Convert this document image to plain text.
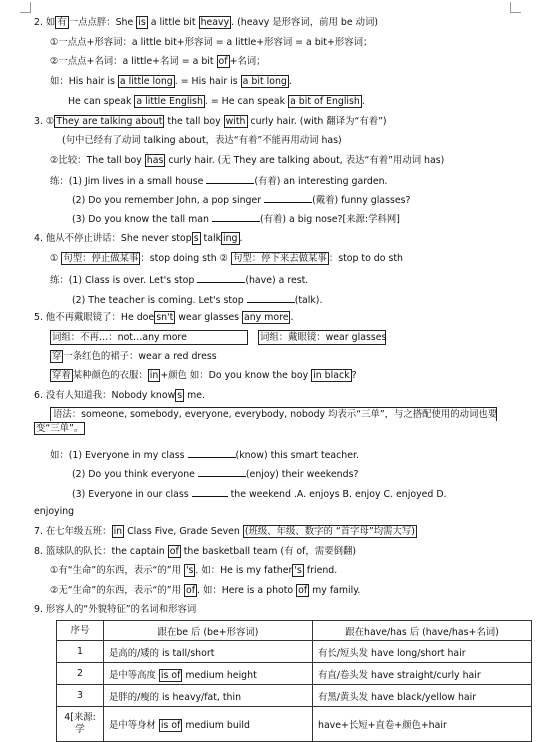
2. 如 有 一点点胖：She is a little bit heavy . (heavy 是形容词，前用 be 动词)
①一点点+形容词：a little bit+形容词 = a little+形容词 = a bit+形容词；
②一点点+名词：a little+名词 = a bit of +名词；
如：His hair is a little long . = His hair is a bit long .
He can speak a little English . = He can speak a bit of English .
3. ① They are talking about the tall boy with curly hair. (with 翻译为“有着”)
(句中已经有了动词 talking about，表达“有着”不能再用动词 has)
②比较：The tall boy has curly hair. (无 They are talking about, 表达“有着”用动词 has)
练：(1) Jim lives in a small house	(有着) an interesting garden.
(2) Do you remember John, a pop singer	(戴着) funny glasses?
(3) Do you know the tall man	(有着) a big nose?[来源:学科网]
4. 他从不停止讲话：She never stop s talk ing .
① 句型：停止做某事 ：stop doing sth ② 句型：停下来去做某事 ：stop to do sth
练：(1) Class is over. Let's stop	(have) a rest.
(2) The teacher is coming. Let's stop	(talk).
5. 他不再戴眼镜了：He doe sn't wear glasses any more .
词组：不再…：not…any more	词组：戴眼镜：wear glasses
穿 一条红色的裙子：wear a red dress
穿着 某种颜色的衣服： in +颜色 如：Do you know the boy in black ?
6. 没有人知道我：Nobody know s me.
语法：someone, somebody, everyone, everybody, nobody 均表示“三单”，与之搭配使用的动词也要
变“三单”。
如：(1) Everyone in my class	(know) this smart teacher.
(2) Do you think everyone	(enjoy) their weekends?
(3) Everyone in our class	the weekend .A. enjoys B. enjoy C. enjoyed D.
enjoying
7. 在七年级五班： in Class Five, Grade Seven (班级、年级、数字的 “首字母”均需大写)
8. 篮球队的队长：the captain of the basketball team (有 of，需要倒翻)
①有“生命”的东西，表示“的”用 's . 如：He is my father 's friend.
②无“生命”的东西，表示“的”用 of . 如：Here is a photo of my family.
9. 形容人的“外貌特征”的名词和形容词
序号	跟在be 后 (be+形容词)	跟在have/has 后 (have/has+名词)
1	是高的/矮的 is tall/short	有长/短头发 have long/short hair
2	是中等高度 is of medium height	有直/卷头发 have straight/curly hair
3	是胖的/瘦的 is heavy/fat, thin	有黑/黄头发 have black/yellow hair
4[来源:学	是中等身材 is of medium build	have+长短+直卷+颜色+hair
